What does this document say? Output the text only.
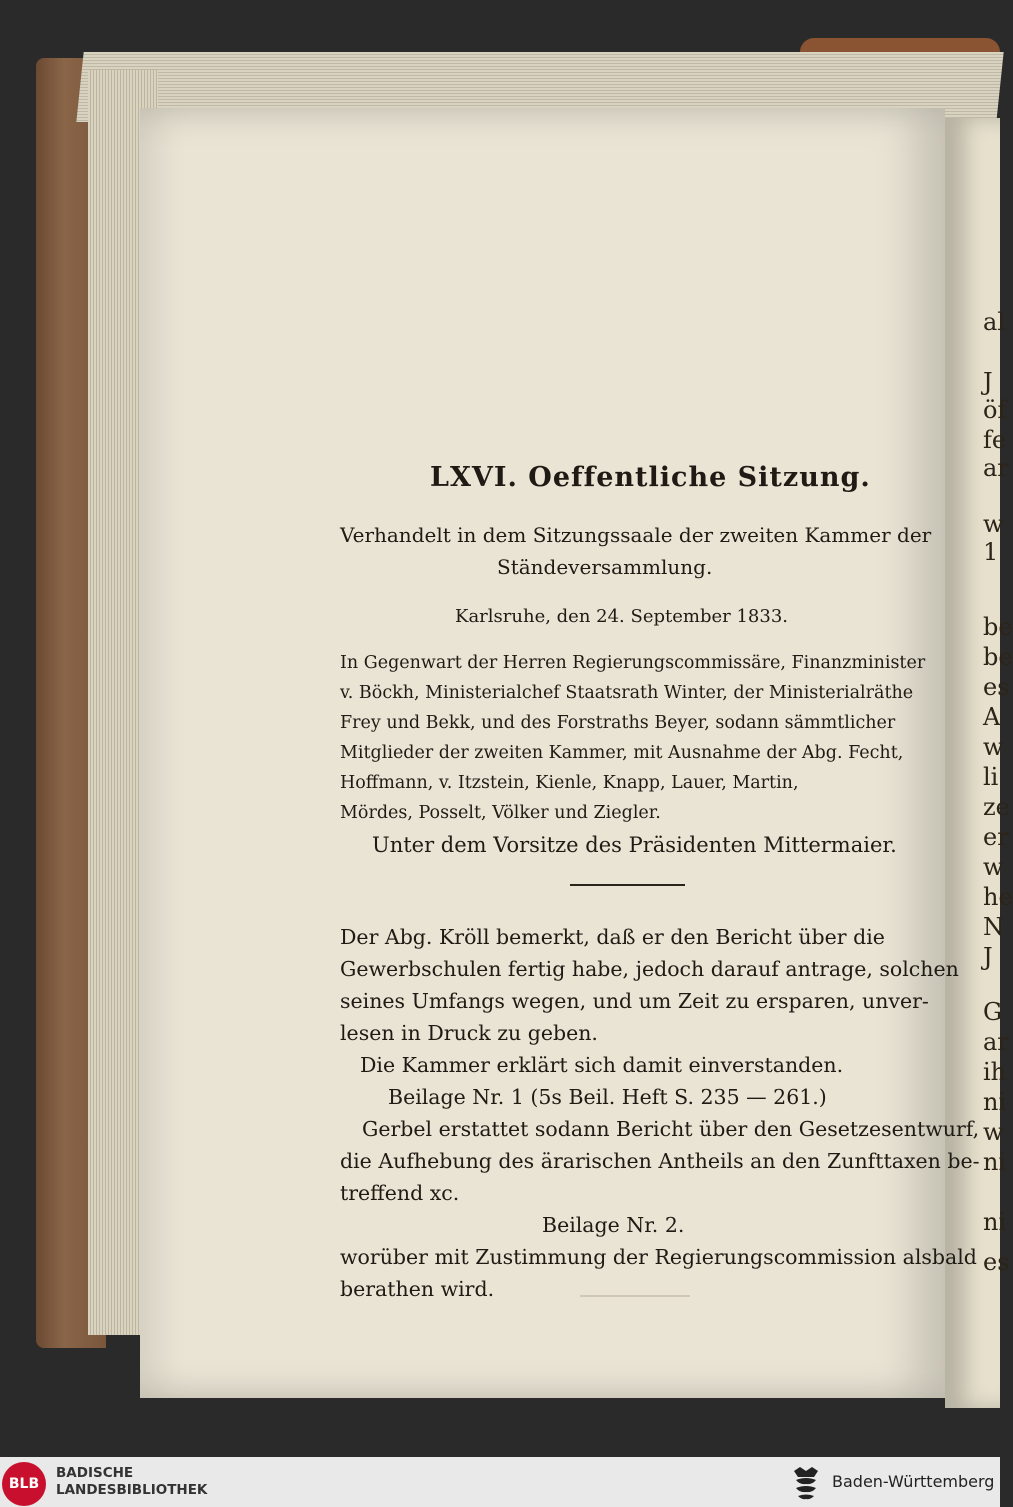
al
J
öf
fe
ar
w
1
be
be
es
A
w
li
ze
er
w
he
N
J
G
ar
ih
ni
w
ni
ni
es
LXVI. Oeffentliche Sitzung.
Verhandelt in dem Sitzungssaale der zweiten Kammer der
Ständeversammlung.
Karlsruhe, den 24. September 1833.
In Gegenwart der Herren Regierungscommissäre, Finanzminister
v. Böckh, Ministerialchef Staatsrath Winter, der Ministerialräthe
Frey und Bekk, und des Forstraths Beyer, sodann sämmtlicher
Mitglieder der zweiten Kammer, mit Ausnahme der Abg. Fecht,
Hoffmann, v. Itzstein, Kienle, Knapp, Lauer, Martin,
Mördes, Posselt, Völker und Ziegler.
Unter dem Vorsitze des Präsidenten Mittermaier.
Der Abg. Kröll bemerkt, daß er den Bericht über die
Gewerbschulen fertig habe, jedoch darauf antrage, solchen
seines Umfangs wegen, und um Zeit zu ersparen, unver-
lesen in Druck zu geben.
Die Kammer erklärt sich damit einverstanden.
Beilage Nr. 1 (5s Beil. Heft S. 235 — 261.)
Gerbel erstattet sodann Bericht über den Gesetzesentwurf,
die Aufhebung des ärarischen Antheils an den Zunfttaxen be-
treffend xc.
Beilage Nr. 2.
worüber mit Zustimmung der Regierungscommission alsbald
berathen wird.
BLB
BADISCHE
LANDESBIBLIOTHEK	Baden-Württemberg
